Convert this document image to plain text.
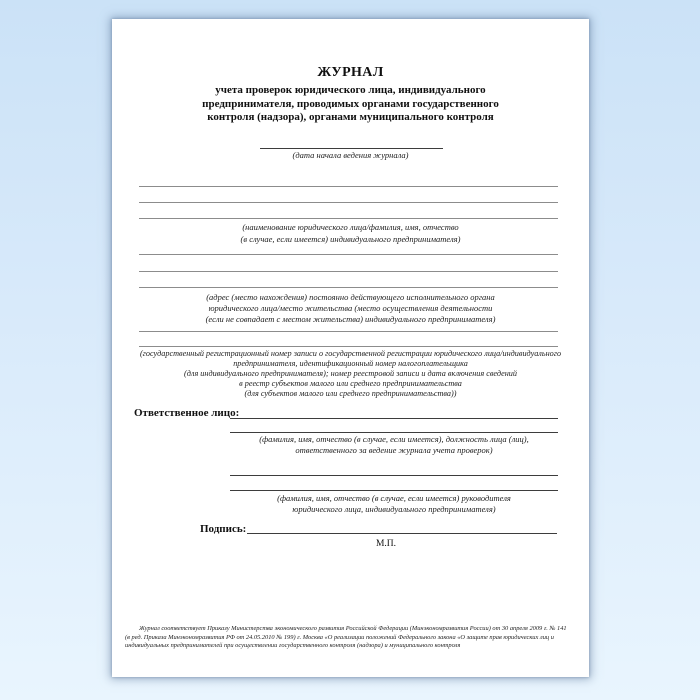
ЖУРНАЛ
учета проверок юридического лица, индивидуального
предпринимателя, проводимых органами государственного
контроля (надзора), органами муниципального контроля
(дата начала ведения журнала)
(наименование юридического лица/фамилия, имя, отчество
(в случае, если имеется) индивидуального предпринимателя)
(адрес (место нахождения) постоянно действующего исполнительного органа
юридического лица/место жительства (место осуществления деятельности
(если не совпадает с местом жительства) индивидуального предпринимателя)
(государственный регистрационный номер записи о государственной регистрации юридического лица/индивидуального
предпринимателя, идентификационный номер налогоплательщика
(для индивидуального предпринимателя); номер реестровой записи и дата включения сведений
в реестр субъектов малого или среднего предпринимательства
(для субъектов малого или среднего предпринимательства))
Ответственное лицо:
(фамилия, имя, отчество (в случае, если имеется), должность лица (лиц),
ответственного за ведение журнала учета проверок)
(фамилия, имя, отчество (в случае, если имеется) руководителя
юридического лица, индивидуального предпринимателя)
Подпись:
М.П.
Журнал соответствует Приказу Министерства экономического развития Российской Федерации (Минэкономразвития России) от 30 апреля 2009 г. № 141
(в ред. Приказа Минэкономразвития РФ от 24.05.2010 № 199) г. Москва «О реализации положений Федерального закона «О защите прав юридических лиц и
индивидуальных предпринимателей при осуществлении государственного контроля (надзора) и муниципального контроля
